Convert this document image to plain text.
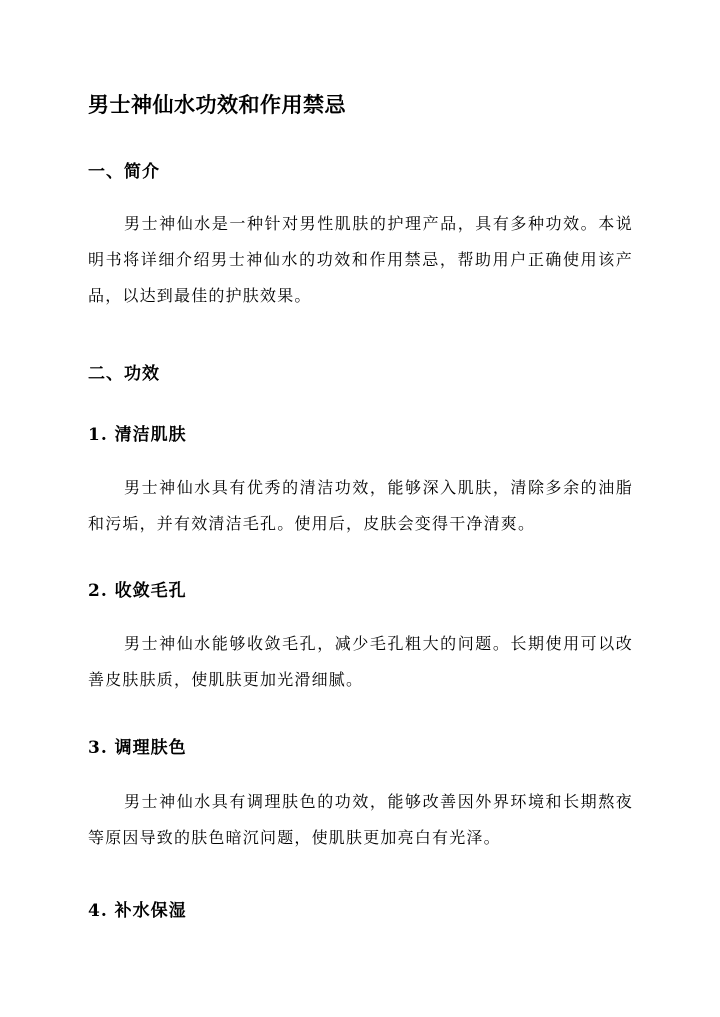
男士神仙水功效和作用禁忌
一、简介
男士神仙水是一种针对男性肌肤的护理产品，具有多种功效。本说明书将详细介绍男士神仙水的功效和作用禁忌，帮助用户正确使用该产品，以达到最佳的护肤效果。
二、功效
1. 清洁肌肤
男士神仙水具有优秀的清洁功效，能够深入肌肤，清除多余的油脂和污垢，并有效清洁毛孔。使用后，皮肤会变得干净清爽。
2. 收敛毛孔
男士神仙水能够收敛毛孔，减少毛孔粗大的问题。长期使用可以改善皮肤肤质，使肌肤更加光滑细腻。
3. 调理肤色
男士神仙水具有调理肤色的功效，能够改善因外界环境和长期熬夜等原因导致的肤色暗沉问题，使肌肤更加亮白有光泽。
4. 补水保湿
